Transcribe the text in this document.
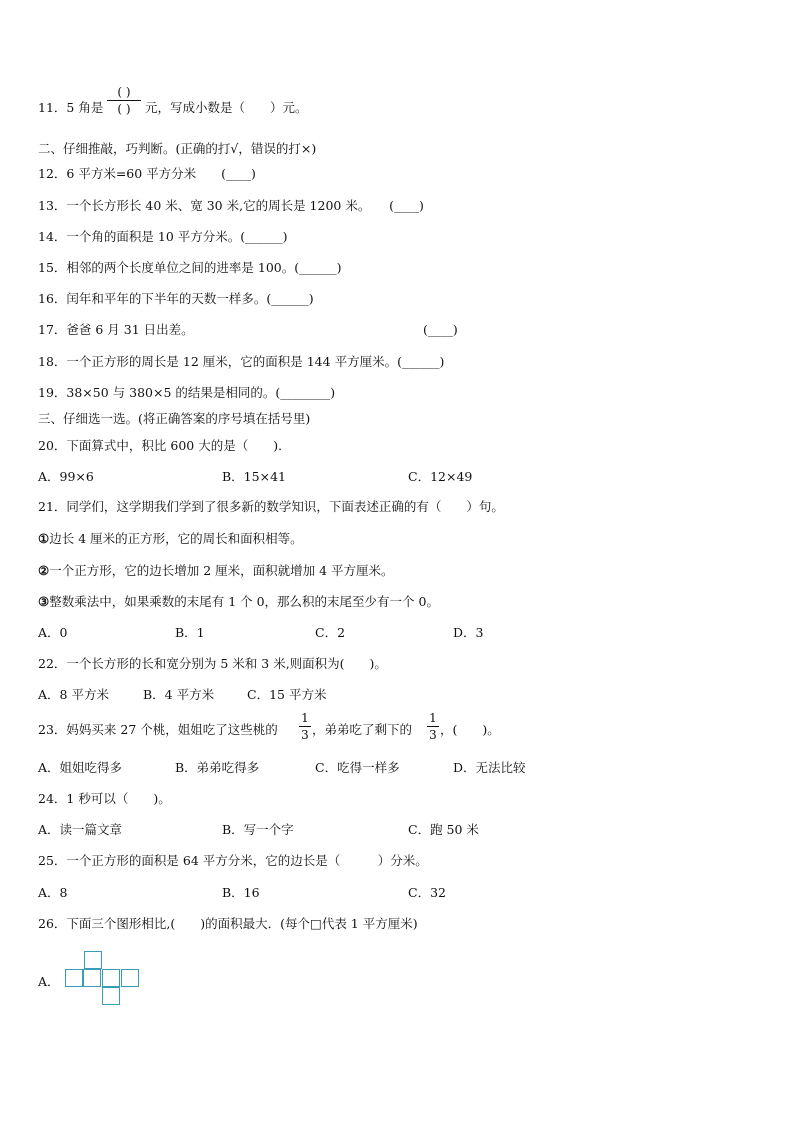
11．5 角是
( )
( )	元，写成小数是（　　）元。
二、仔细推敲，巧判断。(正确的打√，错误的打×)
12．6 平方米=60 平方分米　　(____)
13．一个长方形长 40 米、宽 30 米,它的周长是 1200 米。　　(____)
14．一个角的面积是 10 平方分米。(______)
15．相邻的两个长度单位之间的进率是 100。(______)
16．闰年和平年的下半年的天数一样多。(______)
17．爸爸 6 月 31 日出差。	(____)
18．一个正方形的周长是 12 厘米，它的面积是 144 平方厘米。(______)
19．38×50 与 380×5 的结果是相同的。(________)
三、仔细选一选。(将正确答案的序号填在括号里)
20．下面算式中，积比 600 大的是（　　)．
A．99×6	B．15×41	C．12×49
21．同学们，这学期我们学到了很多新的数学知识，下面表述正确的有（　　）句。
①边长 4 厘米的正方形，它的周长和面积相等。
②一个正方形，它的边长增加 2 厘米，面积就增加 4 平方厘米。
③整数乘法中，如果乘数的末尾有 1 个 0，那么积的末尾至少有一个 0。
A．0	B．1	C．2	D．3
22．一个长方形的长和宽分别为 5 米和 3 米,则面积为(　　)。
A．8 平方米	B．4 平方米	C．15 平方米
23．妈妈买来 27 个桃，姐姐吃了这些桃的
1
3 ，弟弟吃了剩下的
1
3 ，(　　)。
A．姐姐吃得多	B．弟弟吃得多	C．吃得一样多	D．无法比较
24．1 秒可以（　　)。
A．读一篇文章	B．写一个字	C．跑 50 米
25．一个正方形的面积是 64 平方分米，它的边长是（　　　）分米。
A．8	B．16	C．32
26．下面三个图形相比,(　　)的面积最大．(每个□代表 1 平方厘米)
A．
